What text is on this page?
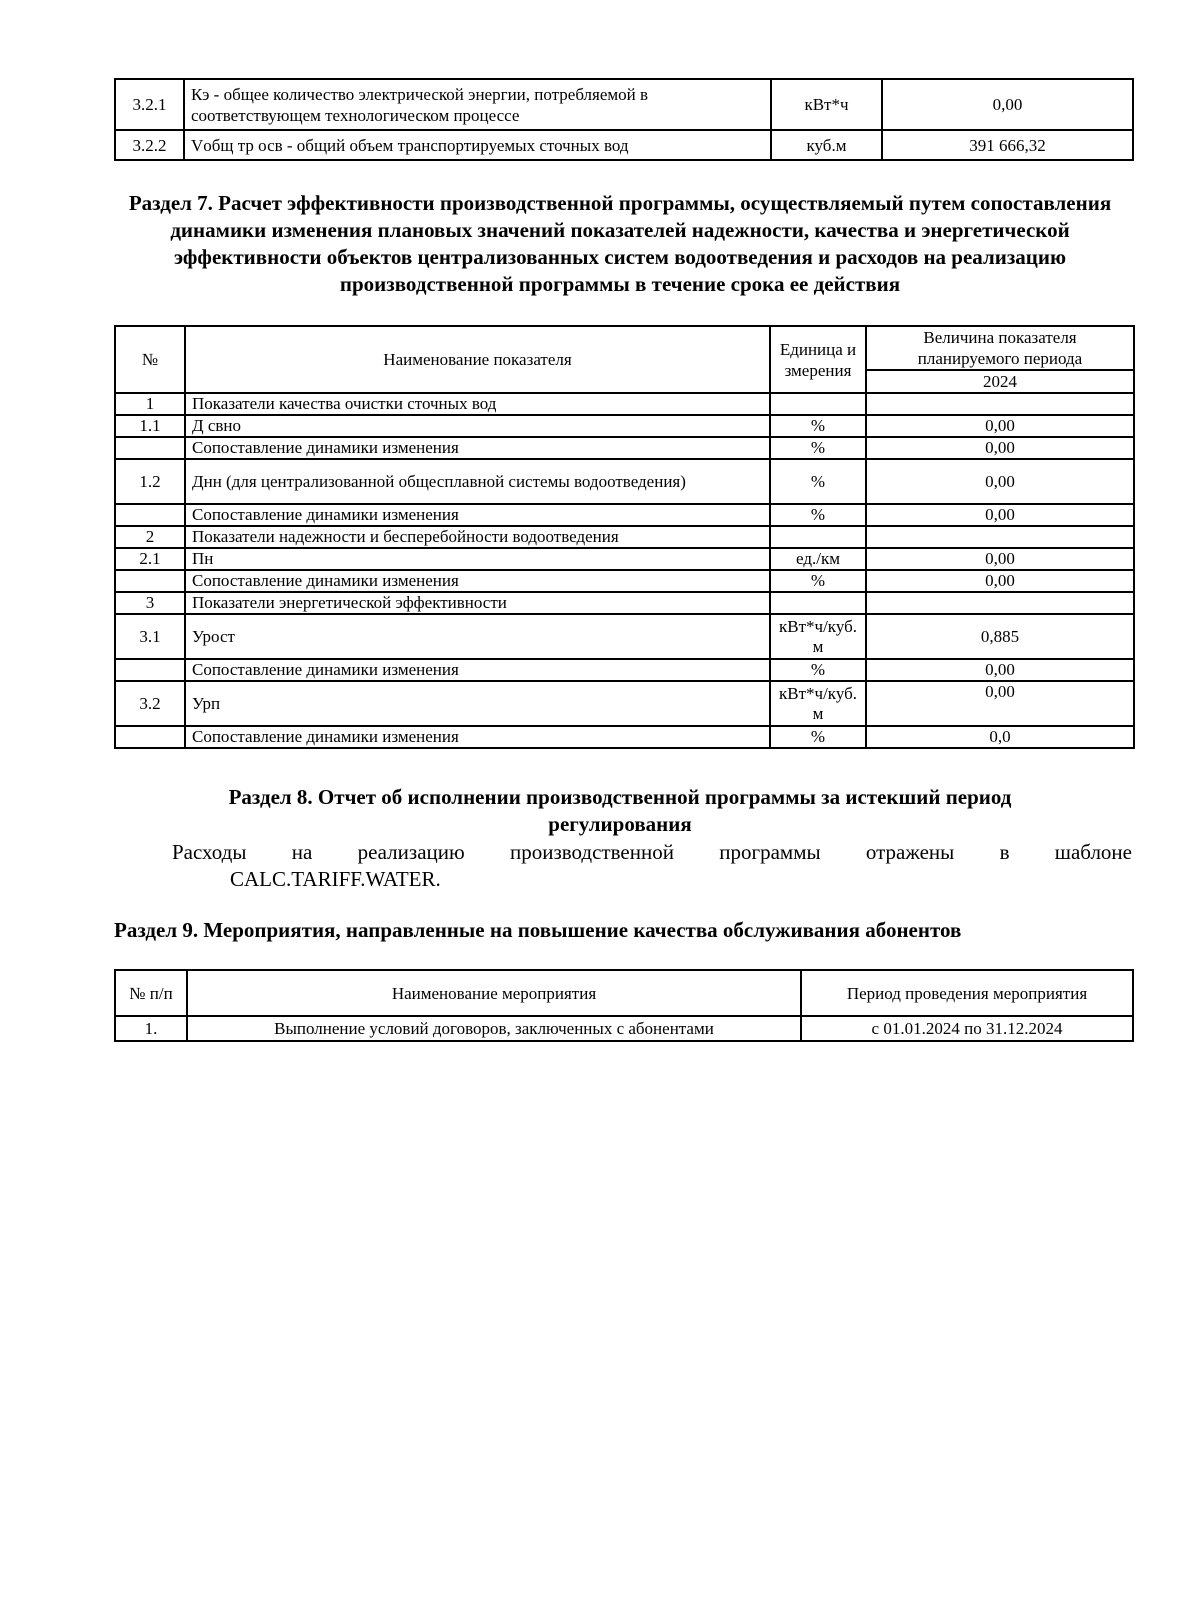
3.2.1	Кэ - общее количество электрической энергии, потребляемой в соответствующем технологическом процессе	кВт*ч	0,00
3.2.2	Vобщ тр осв - общий объем транспортируемых сточных вод	куб.м	391 666,32
Раздел 7. Расчет эффективности производственной программы, осуществляемый путем сопоставления динамики изменения плановых значений показателей надежности, качества и энергетической эффективности объектов централизованных систем водоотведения и расходов на реализацию производственной программы в течение срока ее действия
№	Наименование показателя	Единица измерения	Величина показателя планируемого периода
			2024
1	Показатели качества очистки сточных вод		
1.1	Д свно	%	0,00
	Сопоставление динамики изменения	%	0,00
1.2	Днн (для централизованной общесплавной системы водоотведения)	%	0,00
	Сопоставление динамики изменения	%	0,00
2	Показатели надежности и бесперебойности водоотведения		
2.1	Пн	ед./км	0,00
	Сопоставление динамики изменения	%	0,00
3	Показатели энергетической эффективности		
3.1	Урост	кВт*ч/куб.м	0,885
	Сопоставление динамики изменения	%	0,00
3.2	Урп	кВт*ч/куб.м	0,00
	Сопоставление динамики изменения	%	0,0
Раздел 8. Отчет об исполнении производственной программы за истекший период регулирования
Расходы на реализацию производственной программы отражены в шаблоне
CALC.TARIFF.WATER.
Раздел 9. Мероприятия, направленные на повышение качества обслуживания абонентов
№ п/п	Наименование мероприятия	Период проведения мероприятия
1.	Выполнение условий договоров, заключенных с абонентами	с 01.01.2024 по 31.12.2024
